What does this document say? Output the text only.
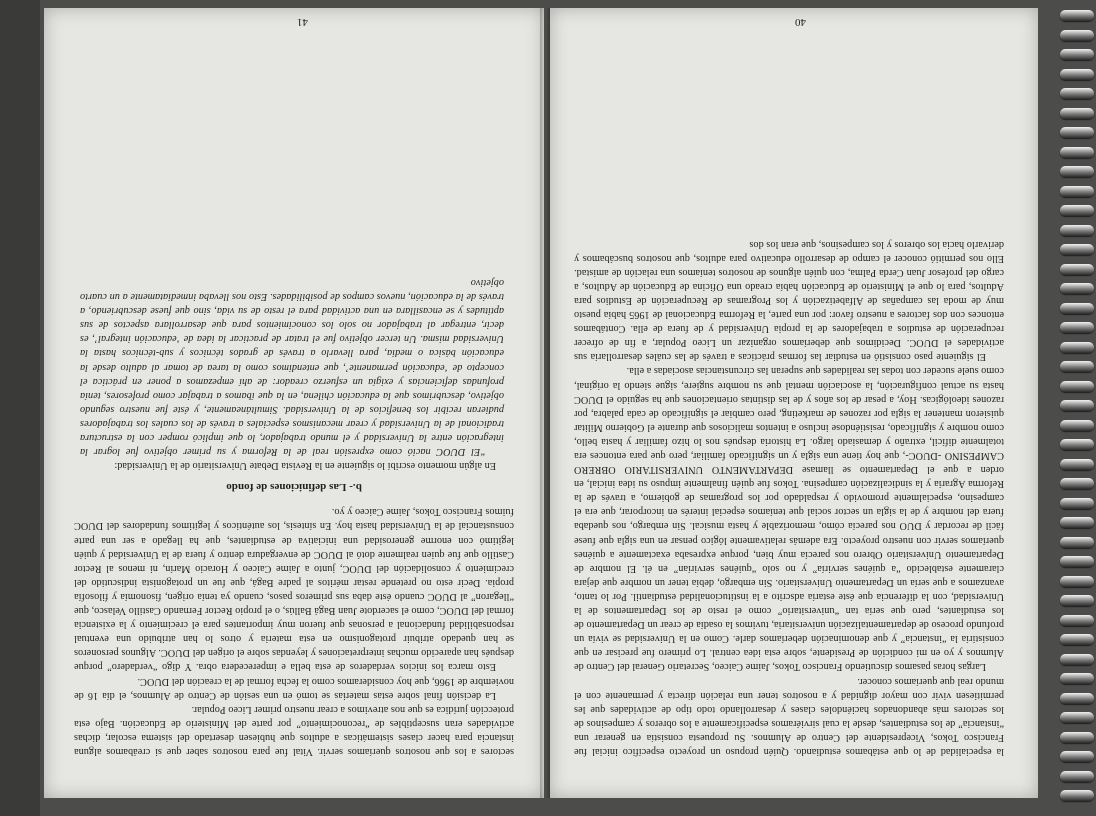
la especialidad de lo que estábamos estudiando. Quién propuso un proyecto específico inicial fue Francisco Tokos, Vicepresidente del Centro de Alumnos. Su propuesta consistía en generar una “instancia” de los estudiantes, desde la cual sirviéramos especificamente a los obreros y campesinos de los sectores más abandonados haciéndoles clases y desarrollando todo tipo de actividades que les permitiesen vivir con mayor dignidad y a nosotros tener una relación directa y permanente con el mundo real que queríamos conocer.

Largas horas pasamos discutiendo Francisco Tokos, Jaime Caiceo, Secretario General del Centro de Alumnos y yo en mi condición de Presidente, sobre esta idea central. Lo primero fue precisar en que consistiría la “instancia” y que denominación deberíamos darle. Como en la Universidad se vivía un profundo proceso de departamentalización universitaria, tuvimos la osadía de crear un Departamento de los estudiantes, pero que sería tan “universitario” como el resto de los Departamentos de la Universidad, con la diferencia que éste estaría adscrito a la institucionalidad estudiantil. Por lo tanto, avanzamos a que sería un Departamento Universitario. Sin embargo, debía tener un nombre que dejara claramente establecido “a quiénes serviría” y no solo “quiénes servirían” en él. El nombre de Departamento Universitario Obrero nos parecía muy bien, porque expresaba exactamente a quiénes queríamos servir con nuestro proyecto. Era además relativamente lógico pensar en una sigla que fuese fácil de recordar y DUO nos parecía cómo, memorizable y hasta musical. Sin embargo, nos quedaba fuera del nombre y de la sigla un sector social que teníamos especial interés en incorporar, que era el campesino, especialmente promovido y respaldado por los programas de gobierno, a través de la Reforma Agraria y la sindicalización campesina. Tokos fue quién finalmente impuso su idea inicial, en orden a que el Departamento se llamase DEPARTAMENTO UNIVERSITARIO OBRERO CAMPESINO -DUOC-, que hoy tiene una sigla y un significado familiar, pero que para entonces era totalmente difícil, extraño y demasiado largo. La historia después nos lo hizo familiar y hasta bello, como nombre y significado, resistiéndose incluso a intentos maliciosos que durante el Gobierno Militar quisieron mantener la sigla por razones de marketing, pero cambiar el significado de cada palabra, por razones ideológicas. Hoy, a pesar de los años y de las distintas orientaciones que ha seguido el DUOC hasta su actual configuración, la asociación mental que su nombre sugiere, sigue siendo la original, como suele suceder con todas las realidades que superan las circunstancias asociadas a ella.

El siguiente paso consistió en estudiar las formas prácticas a través de las cuáles desarrollaría sus actividades el DUOC. Decidimos que deberíamos organizar un Liceo Popular, a fin de ofrecer recuperación de estudios a trabajadores de la propia Universidad y de fuera de ella. Contábamos entonces con dos factores a nuestro favor: por una parte, la Reforma Educacional de 1965 había puesto muy de moda las campañas de Alfabetización y los Programas de Recuperación de Estudios para Adultos, para lo que el Ministerio de Educación había creado una Oficina de Educación de Adultos, a cargo del profesor Juan Cerda Palma, con quién algunos de nosotros teníamos una relación de amistad. Ello nos permitió conocer el campo de desarrollo educativo para adultos, que nosotros buscábamos y derivarlo hacia los obreros y los campesinos, que eran los dos

40

sectores a los que nosotros queríamos servir. Vital fue para nosotros saber que si creábamos alguna instancia para hacer clases sistemáticas a adultos que hubiesen desertado del sistema escolar, dichas actividades eran susceptibles de “reconocimiento” por parte del Ministerio de Educación. Bajo esta protección jurídica es que nos atrevimos a crear nuestro primer Liceo Popular.

La decisión final sobre estas materias se tomó en una sesión de Centro de Alumnos, el día 16 de noviembre de 1966, que hoy consideramos como la fecha formal de la creación del DUOC.

Esto marca los inicios verdaderos de esta bella e imperecedera obra. Y digo “verdadero” porque después han aparecido muchas interpretaciones y leyendas sobre el origen del DUOC. Algunos personeros se han quedado atribuir protagonismo en esta materia y otros lo han atribuido una eventual responsabilidad fundacional a personas que fueron muy importantes para el crecimiento y la existencia formal del DUOC, como el sacerdote Juan Bagá Ballús, o el propio Rector Fernando Castillo Velasco, que “llegaron” al DUOC cuando éste daba sus primeros pasos, cuando ya tenía origen, fisonomía y filosofía propia. Decir esto no pretende restar méritos al padre Bagá, que fue un protagonista indiscutido del crecimiento y consolidación del DUOC, junto a Jaime Caiceo y Horacio Marín, ni menos al Rector Castillo que fue quien realmente dotó al DUOC de envergadura dentro y fuera de la Universidad y quién legitimó con enorme generosidad una iniciativa de estudiantes, que ha llegado a ser una parte consustancial de la Universidad hasta hoy. En síntesis, los auténticos y legítimos fundadores del DUOC fuimos Francisco Tokos, Jaime Caiceo y yo.

b.- Las definiciones de fondo

En algún momento escribí lo siguiente en la Revista Debate Universitario de la Universidad:

“El DUOC nació como expresión real de la Reforma y su primer objetivo fue lograr la integración entre la Universidad y el mundo trabajador, lo que implicó romper con la estructura tradicional de la Universidad y crear mecanismos especiales a través de los cuales los trabajadores pudieran recibir los beneficios de la Universidad. Simultáneamente, y éste fue nuestro segundo objetivo, descubrimos que la educación chilena, en la que íbamos a trabajar como profesores, tenía profundas deficiencias y exigía un esfuerzo creador: de ahí empezamos a poner en práctica el concepto de ‘educación permanente’, que entendimos como la tarea de tomar al adulto desde la educación básica o media, para llevarlo a través de grados técnicos y sub-técnicos hasta la Universidad misma. Un tercer objetivo fue el tratar de practicar la idea de ‘educación integral’, es decir, entregar al trabajador no solo los conocimientos para que desarrollara aspectos de sus aptitudes y se encasillara en una actividad para el resto de su vida, sino que fuese descubriendo, a través de la educación, nuevos campos de posibilidades. Esto nos llevaba inmediatamente a un cuarto objetivo

41
